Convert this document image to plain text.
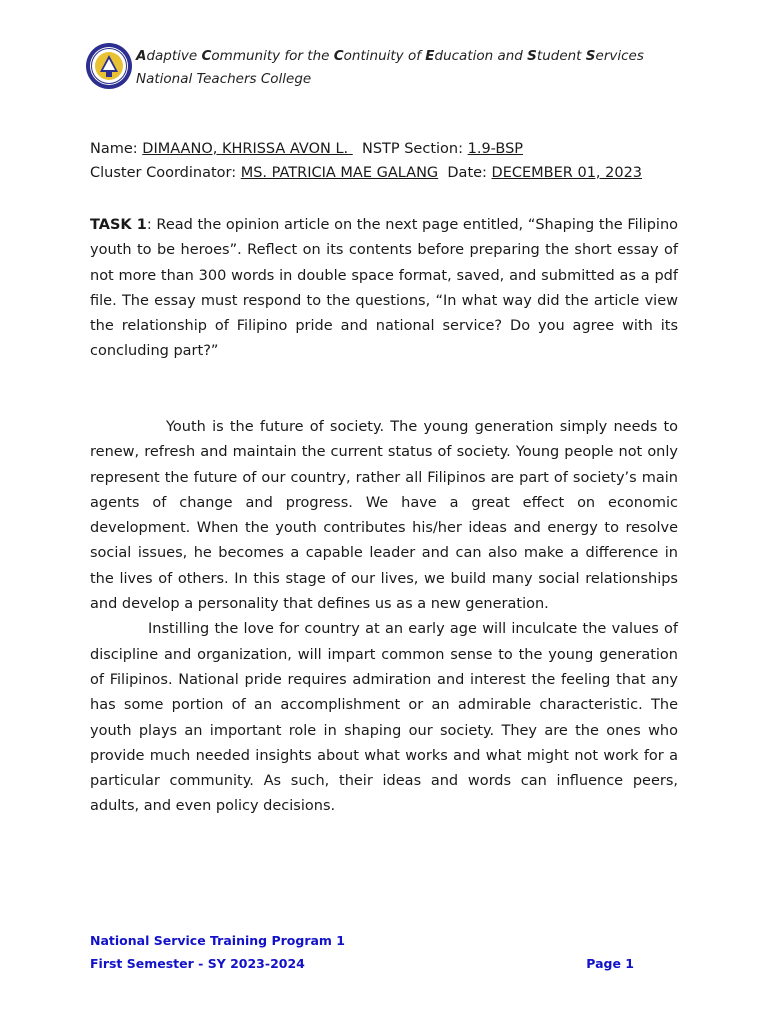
Adaptive Community for the Continuity of Education and Student Services
National Teachers College
Name: DIMAANO, KHRISSA AVON L. NSTP Section: 1.9-BSP
Cluster Coordinator: MS. PATRICIA MAE GALANG Date: DECEMBER 01, 2023
TASK 1: Read the opinion article on the next page entitled, “Shaping the Filipino youth to be heroes”. Reflect on its contents before preparing the short essay of not more than 300 words in double space format, saved, and submitted as a pdf file. The essay must respond to the questions, “In what way did the article view the relationship of Filipino pride and national service? Do you agree with its concluding part?”

Youth is the future of society. The young generation simply needs to renew, refresh and maintain the current status of society. Young people not only represent the future of our country, rather all Filipinos are part of society’s main agents of change and progress. We have a great effect on economic development. When the youth contributes his/her ideas and energy to resolve social issues, he becomes a capable leader and can also make a difference in the lives of others. In this stage of our lives, we build many social relationships and develop a personality that defines us as a new generation.

Instilling the love for country at an early age will inculcate the values of discipline and organization, will impart common sense to the young generation of Filipinos. National pride requires admiration and interest the feeling that any has some portion of an accomplishment or an admirable characteristic. The youth plays an important role in shaping our society. They are the ones who provide much needed insights about what works and what might not work for a particular community. As such, their ideas and words can influence peers, adults, and even policy decisions.

National Service Training Program 1
First Semester - SY 2023-2024	Page 1
